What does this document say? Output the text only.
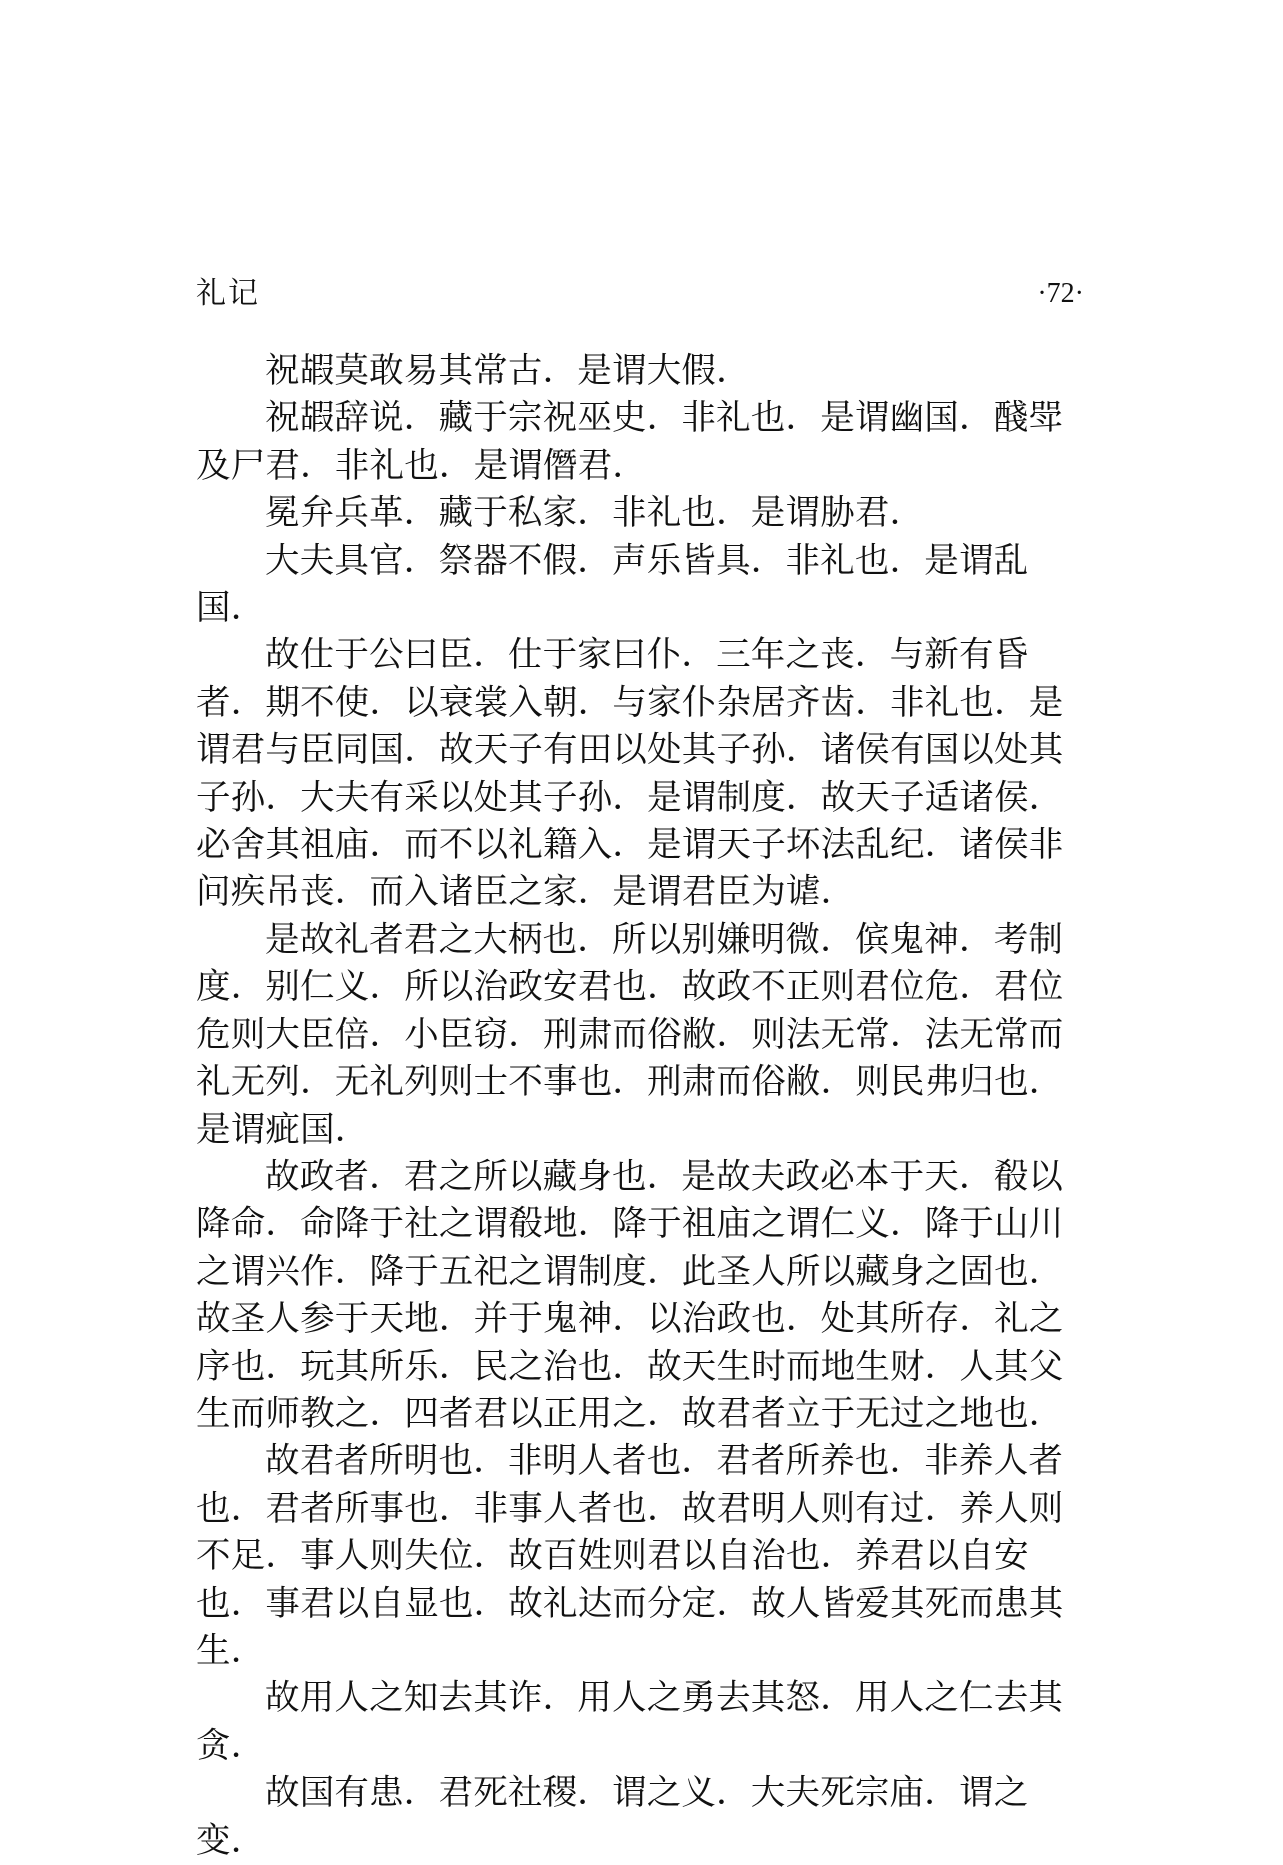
礼记	·72·

祝嘏莫敢易其常古．是谓大假．

祝嘏辞说．藏于宗祝巫史．非礼也．是谓幽国．醆斝及尸君．非礼也．是谓僭君．

冕弁兵革．藏于私家．非礼也．是谓胁君．

大夫具官．祭器不假．声乐皆具．非礼也．是谓乱国．

故仕于公曰臣．仕于家曰仆．三年之丧．与新有昏者．期不使．以衰裳入朝．与家仆杂居齐齿．非礼也．是谓君与臣同国．故天子有田以处其子孙．诸侯有国以处其子孙．大夫有采以处其子孙．是谓制度．故天子适诸侯．必舍其祖庙．而不以礼籍入．是谓天子坏法乱纪．诸侯非问疾吊丧．而入诸臣之家．是谓君臣为谑．

是故礼者君之大柄也．所以别嫌明微．傧鬼神．考制度．别仁义．所以治政安君也．故政不正则君位危．君位危则大臣倍．小臣窃．刑肃而俗敝．则法无常．法无常而礼无列．无礼列则士不事也．刑肃而俗敝．则民弗归也．是谓疵国．

故政者．君之所以藏身也．是故夫政必本于天．殽以降命．命降于社之谓殽地．降于祖庙之谓仁义．降于山川之谓兴作．降于五祀之谓制度．此圣人所以藏身之固也．故圣人参于天地．并于鬼神．以治政也．处其所存．礼之序也．玩其所乐．民之治也．故天生时而地生财．人其父生而师教之．四者君以正用之．故君者立于无过之地也．

故君者所明也．非明人者也．君者所养也．非养人者也．君者所事也．非事人者也．故君明人则有过．养人则不足．事人则失位．故百姓则君以自治也．养君以自安也．事君以自显也．故礼达而分定．故人皆爱其死而患其生．

故用人之知去其诈．用人之勇去其怒．用人之仁去其贪．

故国有患．君死社稷．谓之义．大夫死宗庙．谓之变．
